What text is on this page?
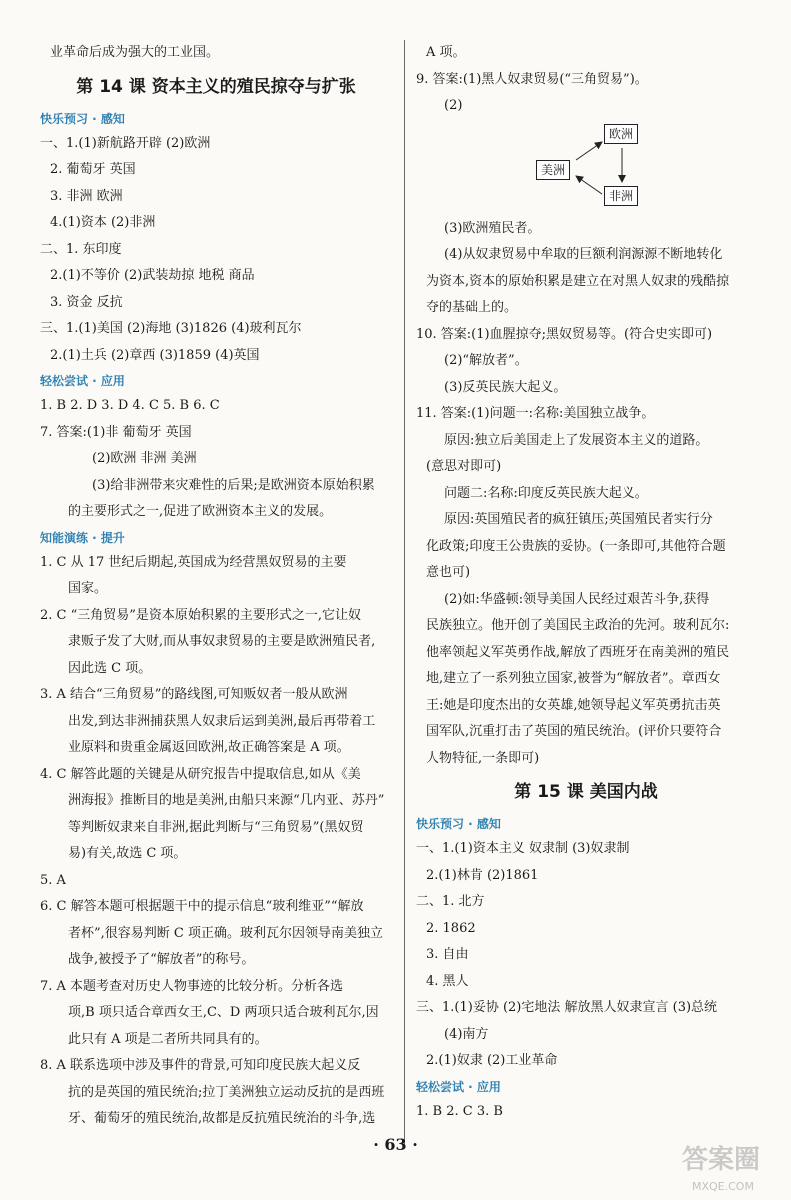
业革命后成为强大的工业国。
第 14 课 资本主义的殖民掠夺与扩张
快乐预习 · 感知
一、1.(1)新航路开辟 (2)欧洲
2. 葡萄牙 英国
3. 非洲 欧洲
4.(1)资本 (2)非洲
二、1. 东印度
2.(1)不等价 (2)武装劫掠 地税 商品
3. 资金 反抗
三、1.(1)美国 (2)海地 (3)1826 (4)玻利瓦尔
2.(1)土兵 (2)章西 (3)1859 (4)英国
轻松尝试 · 应用
1. B 2. D 3. D 4. C 5. B 6. C
7. 答案:(1)非 葡萄牙 英国
(2)欧洲 非洲 美洲
(3)给非洲带来灾难性的后果;是欧洲资本原始积累
的主要形式之一,促进了欧洲资本主义的发展。
知能演练 · 提升
1. C 从 17 世纪后期起,英国成为经营黑奴贸易的主要
国家。
2. C “三角贸易”是资本原始积累的主要形式之一,它让奴
隶贩子发了大财,而从事奴隶贸易的主要是欧洲殖民者,
因此选 C 项。
3. A 结合“三角贸易”的路线图,可知贩奴者一般从欧洲
出发,到达非洲捕获黑人奴隶后运到美洲,最后再带着工
业原料和贵重金属返回欧洲,故正确答案是 A 项。
4. C 解答此题的关键是从研究报告中提取信息,如从《美
洲海报》推断目的地是美洲,由船只来源“几内亚、苏丹”
等判断奴隶来自非洲,据此判断与“三角贸易”(黑奴贸
易)有关,故选 C 项。
5. A
6. C 解答本题可根据题干中的提示信息“玻利维亚”“解放
者杯”,很容易判断 C 项正确。玻利瓦尔因领导南美独立
战争,被授予了“解放者”的称号。
7. A 本题考查对历史人物事迹的比较分析。分析各选
项,B 项只适合章西女王,C、D 两项只适合玻利瓦尔,因
此只有 A 项是二者所共同具有的。
8. A 联系选项中涉及事件的背景,可知印度民族大起义反
抗的是英国的殖民统治;拉丁美洲独立运动反抗的是西班
牙、葡萄牙的殖民统治,故都是反抗殖民统治的斗争,选
A 项。
9. 答案:(1)黑人奴隶贸易(“三角贸易”)。
(2)
欧洲
美洲
非洲
(3)欧洲殖民者。
(4)从奴隶贸易中牟取的巨额利润源源不断地转化
为资本,资本的原始积累是建立在对黑人奴隶的残酷掠
夺的基础上的。
10. 答案:(1)血腥掠夺;黑奴贸易等。(符合史实即可)
(2)“解放者”。
(3)反英民族大起义。
11. 答案:(1)问题一:名称:美国独立战争。
原因:独立后美国走上了发展资本主义的道路。
(意思对即可)
问题二:名称:印度反英民族大起义。
原因:英国殖民者的疯狂镇压;英国殖民者实行分
化政策;印度王公贵族的妥协。(一条即可,其他符合题
意也可)
(2)如:华盛顿:领导美国人民经过艰苦斗争,获得
民族独立。他开创了美国民主政治的先河。玻利瓦尔:
他率领起义军英勇作战,解放了西班牙在南美洲的殖民
地,建立了一系列独立国家,被誉为“解放者”。章西女
王:她是印度杰出的女英雄,她领导起义军英勇抗击英
国军队,沉重打击了英国的殖民统治。(评价只要符合
人物特征,一条即可)
第 15 课 美国内战
快乐预习 · 感知
一、1.(1)资本主义 奴隶制 (3)奴隶制
2.(1)林肯 (2)1861
二、1. 北方
2. 1862
3. 自由
4. 黑人
三、1.(1)妥协 (2)宅地法 解放黑人奴隶宣言 (3)总统
(4)南方
2.(1)奴隶 (2)工业革命
轻松尝试 · 应用
1. B 2. C 3. B
· 63 ·
答案圈
MXQE.COM
